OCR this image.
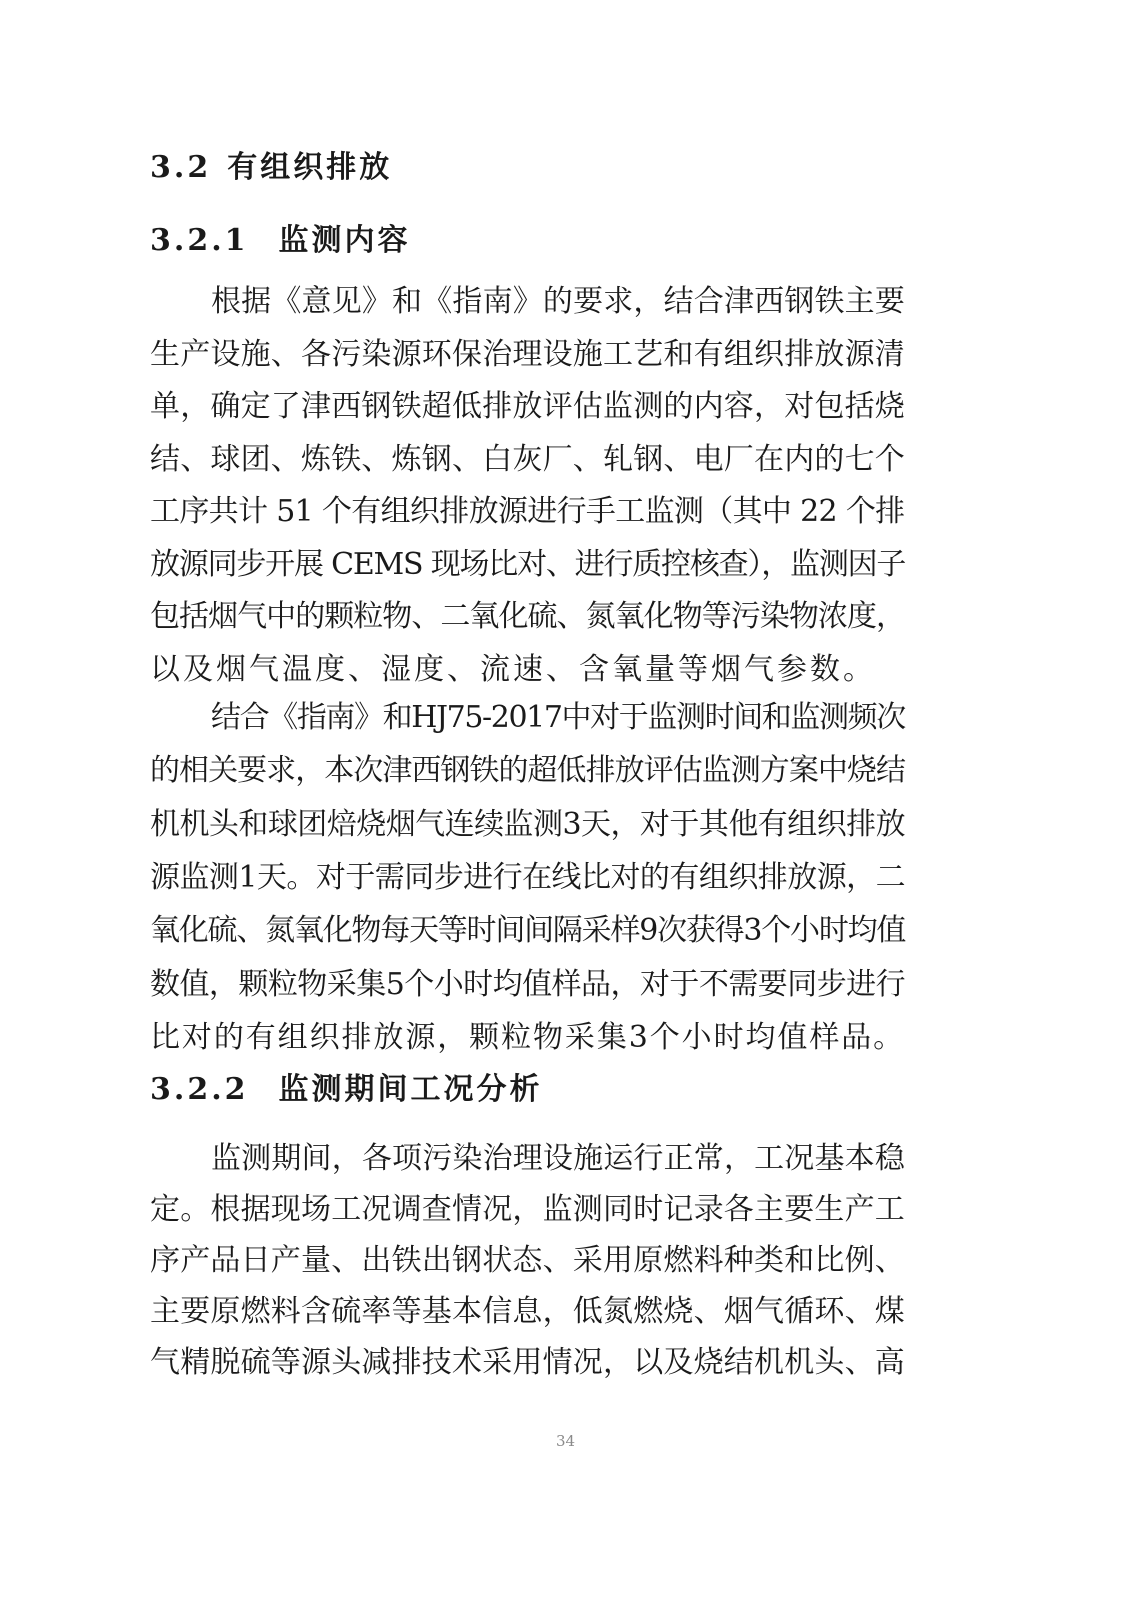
3.2 有组织排放
3.2.1 监测内容
根据《意见》和《指南》的要求，结合津西钢铁主要
生产设施、各污染源环保治理设施工艺和有组织排放源清
单，确定了津西钢铁超低排放评估监测的内容，对包括烧
结、球团、炼铁、炼钢、白灰厂、轧钢、电厂在内的七个
工序共计 51 个有组织排放源进行手工监测（其中 22 个排
放源同步开展 CEMS 现场比对、进行质控核查），监测因子
包括烟气中的颗粒物、二氧化硫、氮氧化物等污染物浓度，
以及烟气温度、湿度、流速、含氧量等烟气参数。
3.2.2 监测期间工况分析
34
结合《指南》和HJ75-2017中对于监测时间和监测频次
的相关要求，本次津西钢铁的超低排放评估监测方案中烧结
机机头和球团焙烧烟气连续监测3天，对于其他有组织排放
源监测1天。对于需同步进行在线比对的有组织排放源，二
氧化硫、氮氧化物每天等时间间隔采样9次获得3个小时均值
数值，颗粒物采集5个小时均值样品，对于不需要同步进行
比对的有组织排放源，颗粒物采集3个小时均值样品。
监测期间，各项污染治理设施运行正常，工况基本稳
定。根据现场工况调查情况，监测同时记录各主要生产工
序产品日产量、出铁出钢状态、采用原燃料种类和比例、
主要原燃料含硫率等基本信息，低氮燃烧、烟气循环、煤
气精脱硫等源头减排技术采用情况，以及烧结机机头、高
